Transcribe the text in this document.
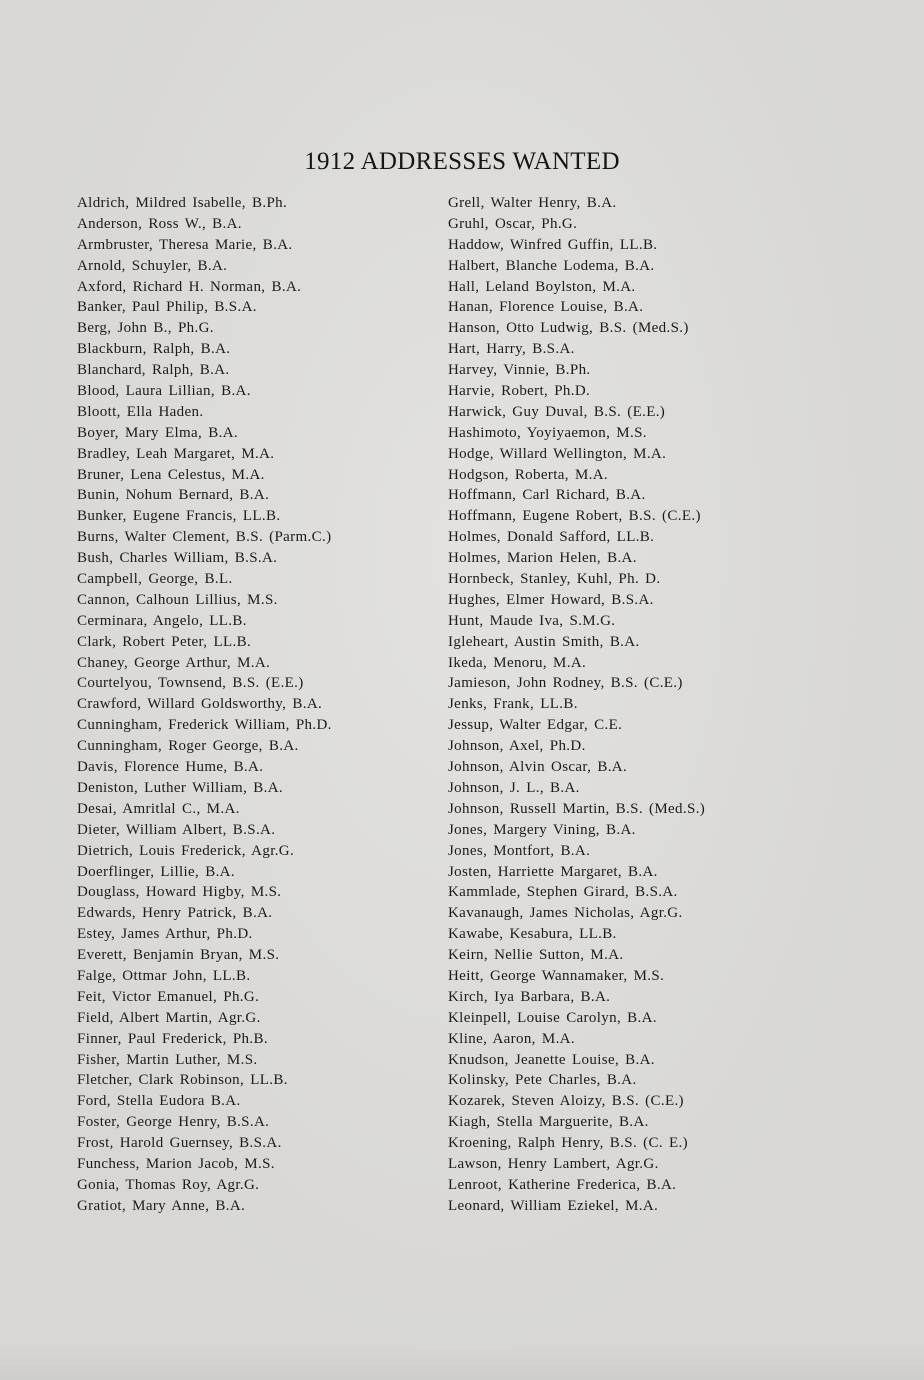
1912 ADDRESSES WANTED
Aldrich, Mildred Isabelle, B.Ph.
Anderson, Ross W., B.A.
Armbruster, Theresa Marie, B.A.
Arnold, Schuyler, B.A.
Axford, Richard H. Norman, B.A.
Banker, Paul Philip, B.S.A.
Berg, John B., Ph.G.
Blackburn, Ralph, B.A.
Blanchard, Ralph, B.A.
Blood, Laura Lillian, B.A.
Bloott, Ella Haden.
Boyer, Mary Elma, B.A.
Bradley, Leah Margaret, M.A.
Bruner, Lena Celestus, M.A.
Bunin, Nohum Bernard, B.A.
Bunker, Eugene Francis, LL.B.
Burns, Walter Clement, B.S. (Parm.C.)
Bush, Charles William, B.S.A.
Campbell, George, B.L.
Cannon, Calhoun Lillius, M.S.
Cerminara, Angelo, LL.B.
Clark, Robert Peter, LL.B.
Chaney, George Arthur, M.A.
Courtelyou, Townsend, B.S. (E.E.)
Crawford, Willard Goldsworthy, B.A.
Cunningham, Frederick William, Ph.D.
Cunningham, Roger George, B.A.
Davis, Florence Hume, B.A.
Deniston, Luther William, B.A.
Desai, Amritlal C., M.A.
Dieter, William Albert, B.S.A.
Dietrich, Louis Frederick, Agr.G.
Doerflinger, Lillie, B.A.
Douglass, Howard Higby, M.S.
Edwards, Henry Patrick, B.A.
Estey, James Arthur, Ph.D.
Everett, Benjamin Bryan, M.S.
Falge, Ottmar John, LL.B.
Feit, Victor Emanuel, Ph.G.
Field, Albert Martin, Agr.G.
Finner, Paul Frederick, Ph.B.
Fisher, Martin Luther, M.S.
Fletcher, Clark Robinson, LL.B.
Ford, Stella Eudora B.A.
Foster, George Henry, B.S.A.
Frost, Harold Guernsey, B.S.A.
Funchess, Marion Jacob, M.S.
Gonia, Thomas Roy, Agr.G.
Gratiot, Mary Anne, B.A.
Grell, Walter Henry, B.A.
Gruhl, Oscar, Ph.G.
Haddow, Winfred Guffin, LL.B.
Halbert, Blanche Lodema, B.A.
Hall, Leland Boylston, M.A.
Hanan, Florence Louise, B.A.
Hanson, Otto Ludwig, B.S. (Med.S.)
Hart, Harry, B.S.A.
Harvey, Vinnie, B.Ph.
Harvie, Robert, Ph.D.
Harwick, Guy Duval, B.S. (E.E.)
Hashimoto, Yoyiyaemon, M.S.
Hodge, Willard Wellington, M.A.
Hodgson, Roberta, M.A.
Hoffmann, Carl Richard, B.A.
Hoffmann, Eugene Robert, B.S. (C.E.)
Holmes, Donald Safford, LL.B.
Holmes, Marion Helen, B.A.
Hornbeck, Stanley, Kuhl, Ph. D.
Hughes, Elmer Howard, B.S.A.
Hunt, Maude Iva, S.M.G.
Igleheart, Austin Smith, B.A.
Ikeda, Menoru, M.A.
Jamieson, John Rodney, B.S. (C.E.)
Jenks, Frank, LL.B.
Jessup, Walter Edgar, C.E.
Johnson, Axel, Ph.D.
Johnson, Alvin Oscar, B.A.
Johnson, J. L., B.A.
Johnson, Russell Martin, B.S. (Med.S.)
Jones, Margery Vining, B.A.
Jones, Montfort, B.A.
Josten, Harriette Margaret, B.A.
Kammlade, Stephen Girard, B.S.A.
Kavanaugh, James Nicholas, Agr.G.
Kawabe, Kesabura, LL.B.
Keirn, Nellie Sutton, M.A.
Heitt, George Wannamaker, M.S.
Kirch, Iya Barbara, B.A.
Kleinpell, Louise Carolyn, B.A.
Kline, Aaron, M.A.
Knudson, Jeanette Louise, B.A.
Kolinsky, Pete Charles, B.A.
Kozarek, Steven Aloizy, B.S. (C.E.)
Kiagh, Stella Marguerite, B.A.
Kroening, Ralph Henry, B.S. (C. E.)
Lawson, Henry Lambert, Agr.G.
Lenroot, Katherine Frederica, B.A.
Leonard, William Eziekel, M.A.
